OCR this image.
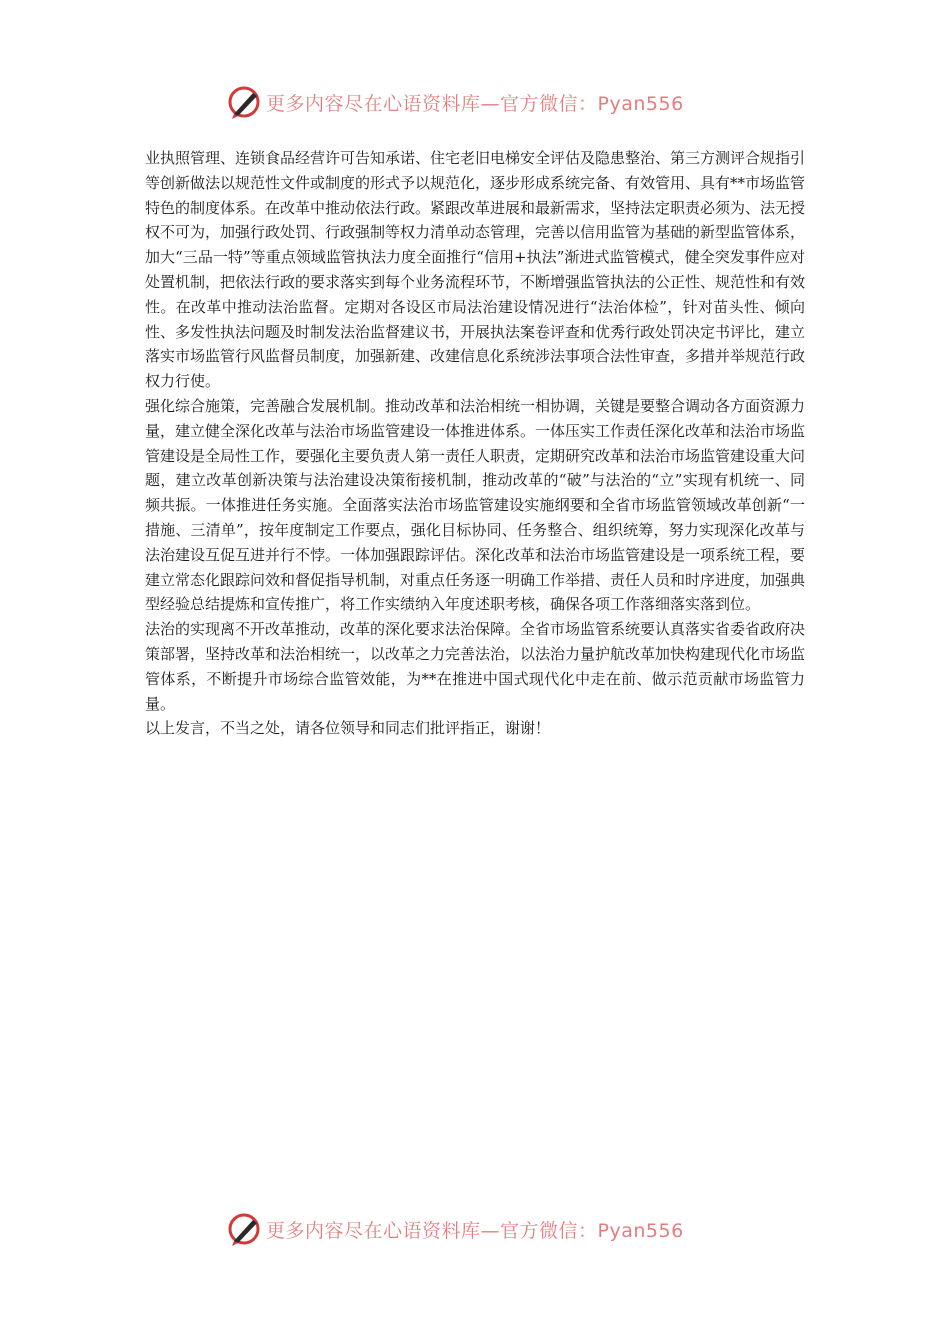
更多内容尽在心语资料库—官方微信：Pyan556

业执照管理、连锁食品经营许可告知承诺、住宅老旧电梯安全评估及隐患整治、第三方测评合规指引等创新做法以规范性文件或制度的形式予以规范化，逐步形成系统完备、有效管用、具有**市场监管特色的制度体系。在改革中推动依法行政。紧跟改革进展和最新需求，坚持法定职责必须为、法无授权不可为，加强行政处罚、行政强制等权力清单动态管理，完善以信用监管为基础的新型监管体系，加大“三品一特”等重点领域监管执法力度全面推行“信用+执法”渐进式监管模式，健全突发事件应对处置机制，把依法行政的要求落实到每个业务流程环节，不断增强监管执法的公正性、规范性和有效性。在改革中推动法治监督。定期对各设区市局法治建设情况进行“法治体检”，针对苗头性、倾向性、多发性执法问题及时制发法治监督建议书，开展执法案卷评查和优秀行政处罚决定书评比，建立落实市场监管行风监督员制度，加强新建、改建信息化系统涉法事项合法性审查，多措并举规范行政权力行使。

强化综合施策，完善融合发展机制。推动改革和法治相统一相协调，关键是要整合调动各方面资源力量，建立健全深化改革与法治市场监管建设一体推进体系。一体压实工作责任深化改革和法治市场监管建设是全局性工作，要强化主要负责人第一责任人职责，定期研究改革和法治市场监管建设重大问题，建立改革创新决策与法治建设决策衔接机制，推动改革的“破”与法治的“立”实现有机统一、同频共振。一体推进任务实施。全面落实法治市场监管建设实施纲要和全省市场监管领域改革创新“一措施、三清单”，按年度制定工作要点，强化目标协同、任务整合、组织统筹，努力实现深化改革与法治建设互促互进并行不悖。一体加强跟踪评估。深化改革和法治市场监管建设是一项系统工程，要建立常态化跟踪问效和督促指导机制，对重点任务逐一明确工作举措、责任人员和时序进度，加强典型经验总结提炼和宣传推广，将工作实绩纳入年度述职考核，确保各项工作落细落实落到位。

法治的实现离不开改革推动，改革的深化要求法治保障。全省市场监管系统要认真落实省委省政府决策部署，坚持改革和法治相统一，以改革之力完善法治，以法治力量护航改革加快构建现代化市场监管体系，不断提升市场综合监管效能，为**在推进中国式现代化中走在前、做示范贡献市场监管力量。

以上发言，不当之处，请各位领导和同志们批评指正，谢谢！

更多内容尽在心语资料库—官方微信：Pyan556
